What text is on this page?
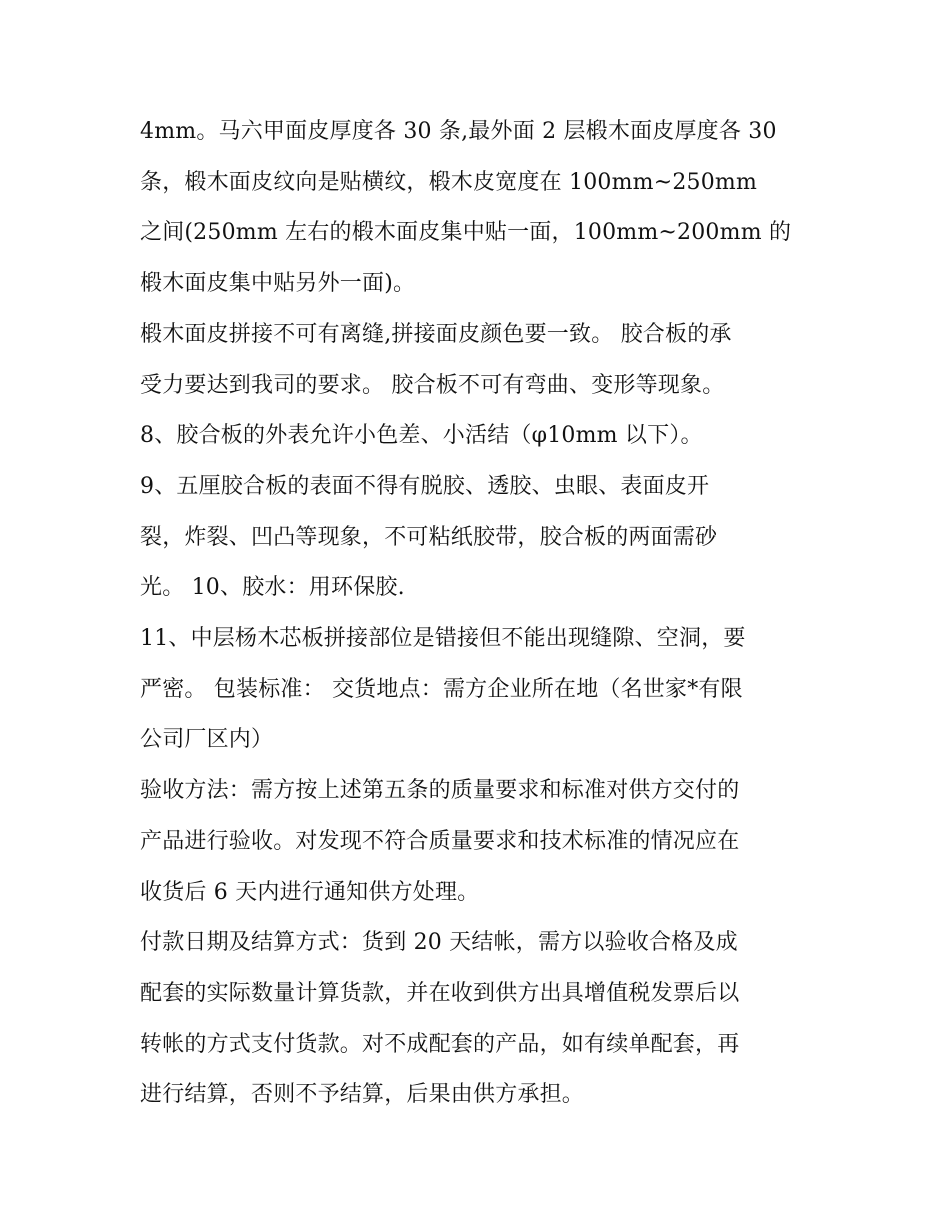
4mm。马六甲面皮厚度各 30 条,最外面 2 层椴木面皮厚度各 30
条，椴木面皮纹向是贴横纹，椴木皮宽度在 100mm~250mm
之间(250mm 左右的椴木面皮集中贴一面，100mm~200mm 的
椴木面皮集中贴另外一面)。

椴木面皮拼接不可有离缝,拼接面皮颜色要一致。 胶合板的承
受力要达到我司的要求。 胶合板不可有弯曲、变形等现象。

8、胶合板的外表允许小色差、小活结（φ10mm 以下）。

9、五厘胶合板的表面不得有脱胶、透胶、虫眼、表面皮开
裂，炸裂、凹凸等现象，不可粘纸胶带，胶合板的两面需砂
光。 10、胶水：用环保胶.

11、中层杨木芯板拼接部位是错接但不能出现缝隙、空洞，要
严密。 包装标准： 交货地点：需方企业所在地（名世家*有限
公司厂区内）

验收方法：需方按上述第五条的质量要求和标准对供方交付的
产品进行验收。对发现不符合质量要求和技术标准的情况应在
收货后 6 天内进行通知供方处理。

付款日期及结算方式：货到 20 天结帐，需方以验收合格及成
配套的实际数量计算货款，并在收到供方出具增值税发票后以
转帐的方式支付货款。对不成配套的产品，如有续单配套，再
进行结算，否则不予结算，后果由供方承担。
